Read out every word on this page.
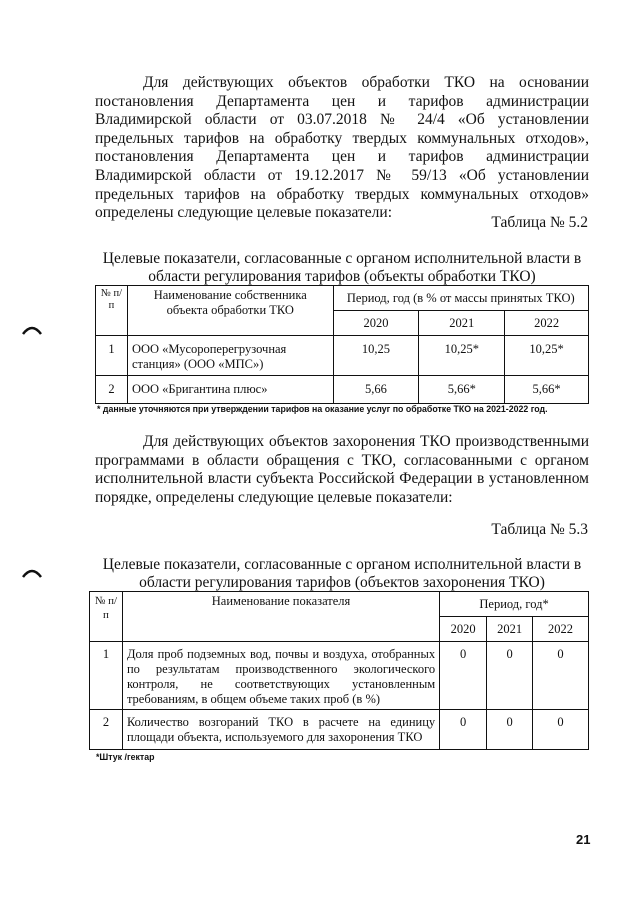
Для действующих объектов обработки ТКО на основании постановления Департамента цен и тарифов администрации Владимирской области от 03.07.2018 № 24/4 «Об установлении предельных тарифов на обработку твердых коммунальных отходов», постановления Департамента цен и тарифов администрации Владимирской области от 19.12.2017 № 59/13 «Об установлении предельных тарифов на обработку твердых коммунальных отходов» определены следующие целевые показатели:

Таблица № 5.2
Целевые показатели, согласованные с органом исполнительной власти в области регулирования тарифов (объекты обработки ТКО)
№ п/п	Наименование собственника объекта обработки ТКО	Период, год (в % от массы принятых ТКО)		
		2020	2021	2022
1	ООО «Мусороперегрузочная станция» (ООО «МПС»)	10,25	10,25*	10,25*
2	ООО «Бригантина плюс»	5,66	5,66*	5,66*
* данные уточняются при утверждении тарифов на оказание услуг по обработке ТКО на 2021-2022 год.

Для действующих объектов захоронения ТКО производственными программами в области обращения с ТКО, согласованными с органом исполнительной власти субъекта Российской Федерации в установленном порядке, определены следующие целевые показатели:

Таблица № 5.3
Целевые показатели, согласованные с органом исполнительной власти в области регулирования тарифов (объектов захоронения ТКО)
№ п/п	Наименование показателя	Период, год*		
		2020	2021	2022
1	Доля проб подземных вод, почвы и воздуха, отобранных по результатам производственного экологического контроля, не соответствующих установленным требованиям, в общем объеме таких проб (в %)	0	0	0
2	Количество возгораний ТКО в расчете на единицу площади объекта, используемого для захоронения ТКО	0	0	0
*Штук /гектар
21
